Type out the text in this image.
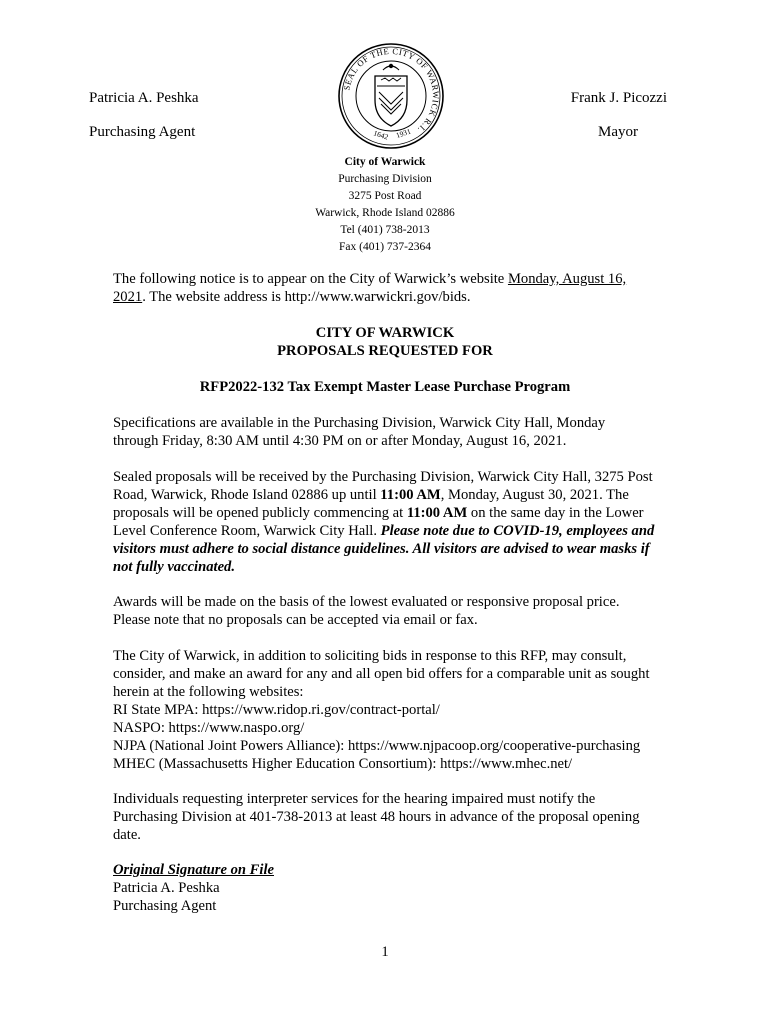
Patricia A. Peshka
Purchasing Agent
Frank J. Picozzi
Mayor
SEAL OF THE CITY OF WARWICK R.I.
1642 1931
City of Warwick
Purchasing Division
3275 Post Road
Warwick, Rhode Island 02886
Tel (401) 738-2013
Fax (401) 737-2364

The following notice is to appear on the City of Warwick’s website Monday, August 16,

2021. The website address is http://www.warwickri.gov/bids.

CITY OF WARWICK
PROPOSALS REQUESTED FOR
RFP2022-132 Tax Exempt Master Lease Purchase Program

Specifications are available in the Purchasing Division, Warwick City Hall, Monday

through Friday, 8:30 AM until 4:30 PM on or after Monday, August 16, 2021.

Sealed proposals will be received by the Purchasing Division, Warwick City Hall, 3275 Post

Road, Warwick, Rhode Island 02886 up until 11:00 AM, Monday, August 30, 2021. The

proposals will be opened publicly commencing at 11:00 AM on the same day in the Lower

Level Conference Room, Warwick City Hall. Please note due to COVID-19, employees and

visitors must adhere to social distance guidelines. All visitors are advised to wear masks if

not fully vaccinated.

Awards will be made on the basis of the lowest evaluated or responsive proposal price.

Please note that no proposals can be accepted via email or fax.

The City of Warwick, in addition to soliciting bids in response to this RFP, may consult,

consider, and make an award for any and all open bid offers for a comparable unit as sought

herein at the following websites:

RI State MPA: https://www.ridop.ri.gov/contract-portal/

NASPO: https://www.naspo.org/

NJPA (National Joint Powers Alliance): https://www.njpacoop.org/cooperative-purchasing

MHEC (Massachusetts Higher Education Consortium): https://www.mhec.net/

Individuals requesting interpreter services for the hearing impaired must notify the

Purchasing Division at 401-738-2013 at least 48 hours in advance of the proposal opening

date.

Original Signature on File

Patricia A. Peshka

Purchasing Agent

1
